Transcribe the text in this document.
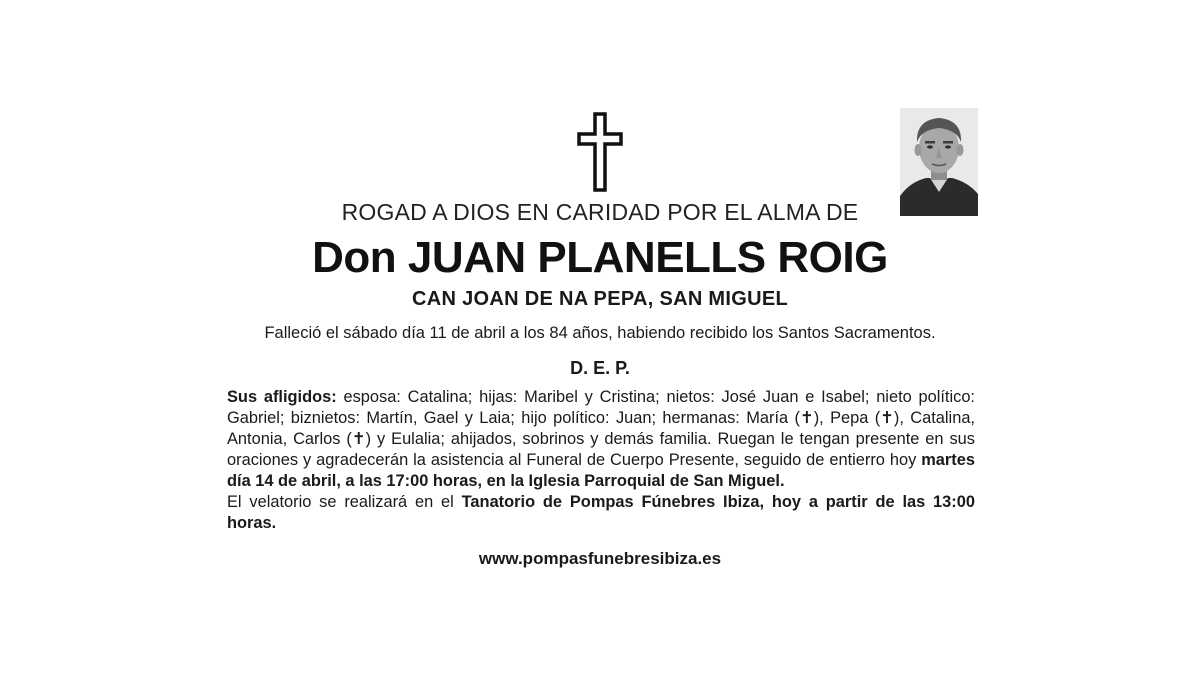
ROGAD A DIOS EN CARIDAD POR EL ALMA DE
Don JUAN PLANELLS ROIG
CAN JOAN DE NA PEPA, SAN MIGUEL
Falleció el sábado día 11 de abril a los 84 años, habiendo recibido los Santos Sacramentos.
D. E. P.

Sus afligidos: esposa: Catalina; hijas: Maribel y Cristina; nietos: José Juan e Isabel; nieto político: Gabriel; biznietos: Martín, Gael y Laia; hijo político: Juan; hermanas: María (✝), Pepa (✝), Catalina, Antonia, Carlos (✝) y Eulalia; ahijados, sobrinos y demás familia. Ruegan le tengan presente en sus oraciones y agradecerán la asistencia al Funeral de Cuerpo Presente, seguido de entierro hoy martes día 14 de abril, a las 17:00 horas, en la Iglesia Parroquial de San Miguel.

El velatorio se realizará en el Tanatorio de Pompas Fúnebres Ibiza, hoy a partir de las 13:00 horas.

www.pompasfunebresibiza.es
